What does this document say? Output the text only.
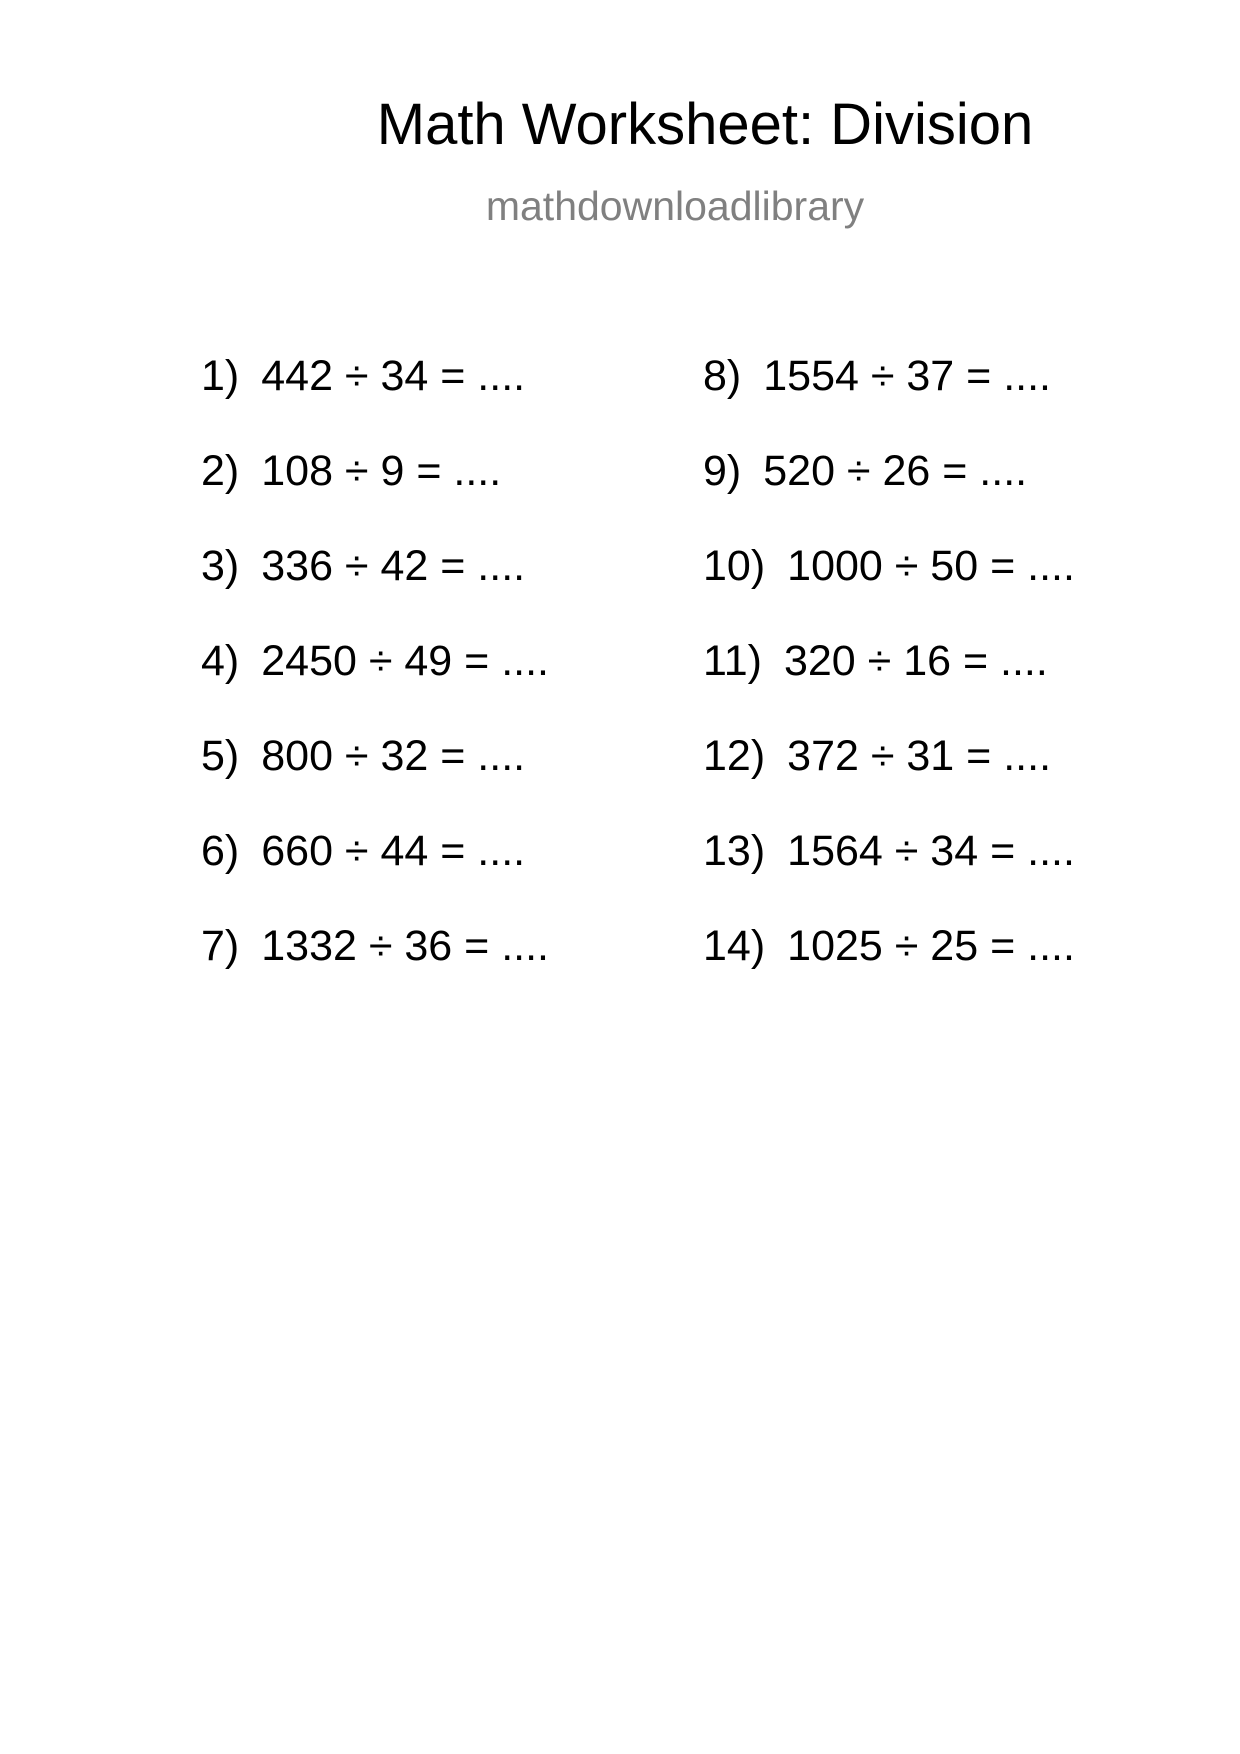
Math Worksheet: Division
mathdownloadlibrary
1) 442 ÷ 34 = ....
2) 108 ÷ 9 = ....
3) 336 ÷ 42 = ....
4) 2450 ÷ 49 = ....
5) 800 ÷ 32 = ....
6) 660 ÷ 44 = ....
7) 1332 ÷ 36 = ....
8) 1554 ÷ 37 = ....
9) 520 ÷ 26 = ....
10) 1000 ÷ 50 = ....
11) 320 ÷ 16 = ....
12) 372 ÷ 31 = ....
13) 1564 ÷ 34 = ....
14) 1025 ÷ 25 = ....
